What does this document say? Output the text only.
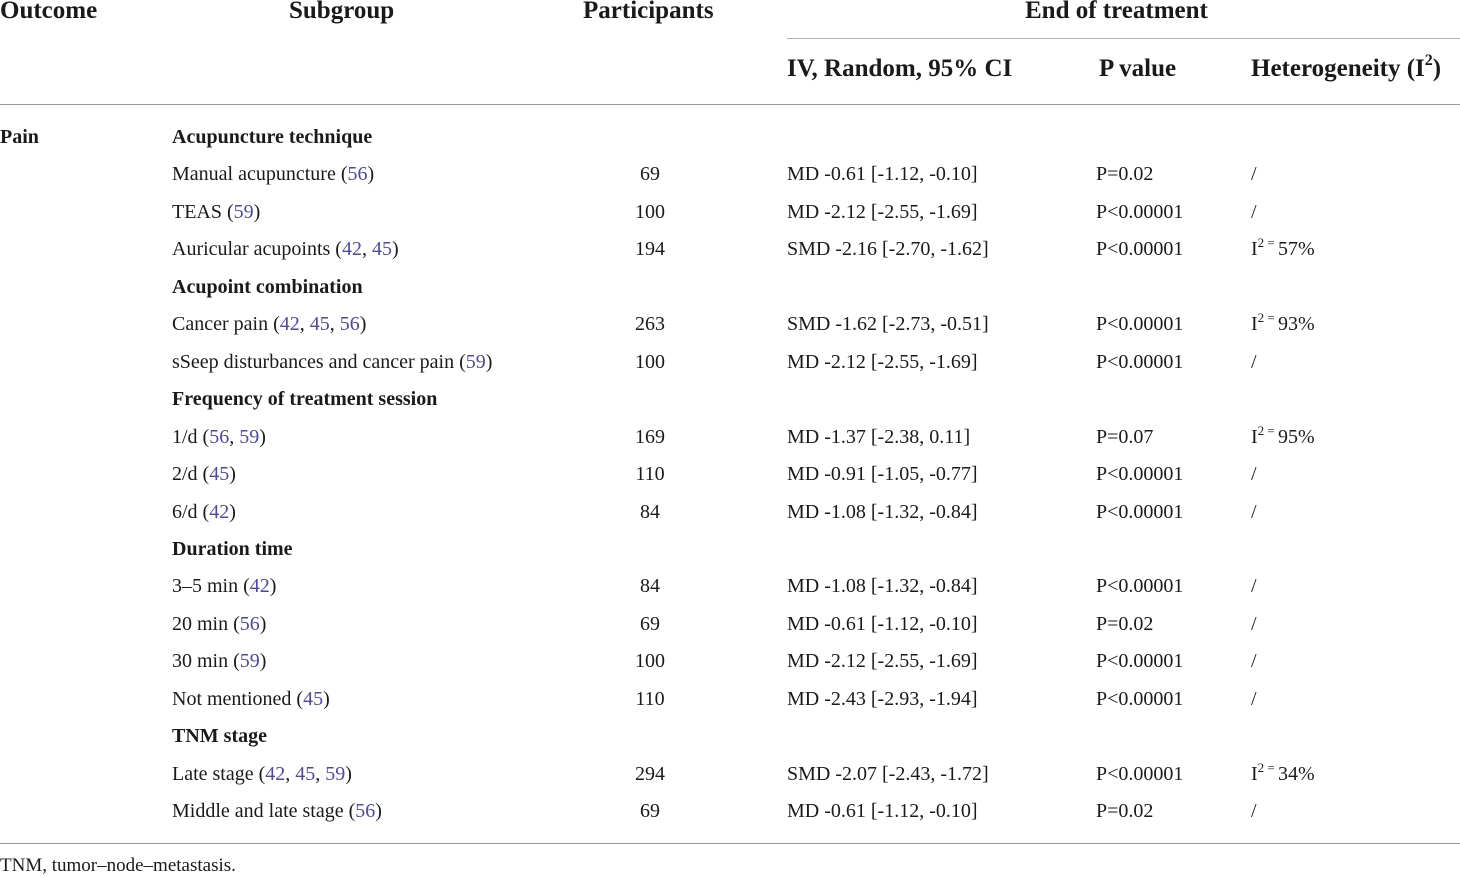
Outcome	Subgroup	Participants	End of treatment
IV, Random, 95% CI	P value	Heterogeneity $(I^2)$
Pain	Acupuncture technique
Manual acupuncture (56)	69	MD -0.61 [-1.12, -0.10]	P=0.02	/
TEAS (59)	100	MD -2.12 [-2.55, -1.69]	P<0.00001	/
Auricular acupoints (42, 45)	194	SMD -2.16 [-2.70, -1.62]	P<0.00001	$I^2$ = 57%
Acupoint combination
Cancer pain (42, 45, 56)	263	SMD -1.62 [-2.73, -0.51]	P<0.00001	$I^2$ = 93%
sSeep disturbances and cancer pain (59)	100	MD -2.12 [-2.55, -1.69]	P<0.00001	/
Frequency of treatment session
1/d (56, 59)	169	MD -1.37 [-2.38, 0.11]	P=0.07	$I^2$ = 95%
2/d (45)	110	MD -0.91 [-1.05, -0.77]	P<0.00001	/
6/d (42)	84	MD -1.08 [-1.32, -0.84]	P<0.00001	/
Duration time
3–5 min (42)	84	MD -1.08 [-1.32, -0.84]	P<0.00001	/
20 min (56)	69	MD -0.61 [-1.12, -0.10]	P=0.02	/
30 min (59)	100	MD -2.12 [-2.55, -1.69]	P<0.00001	/
Not mentioned (45)	110	MD -2.43 [-2.93, -1.94]	P<0.00001	/
TNM stage
Late stage (42, 45, 59)	294	SMD -2.07 [-2.43, -1.72]	P<0.00001	$I^2$ = 34%
Middle and late stage (56)	69	MD -0.61 [-1.12, -0.10]	P=0.02	/
TNM, tumor–node–metastasis.
